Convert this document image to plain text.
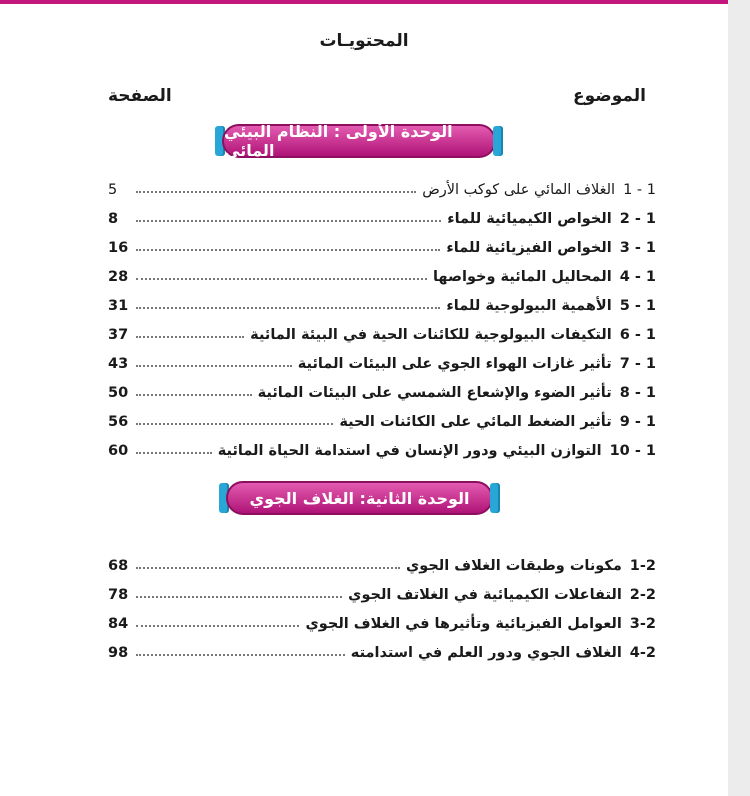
المحتويـات
الموضوع
الصفحة
الوحدة الأولى : النظام البيئي المائي
1 - 1
الغلاف المائي على كوكب الأرض
5
1 - 2
الخواص الكيميائية للماء
8
1 - 3
الخواص الفيزيائية للماء
16
1 - 4
المحاليل المائية وخواصها
28
1 - 5
الأهمية البيولوجية للماء
31
1 - 6
التكيفات البيولوجية للكائنات الحية في البيئة المائية
37
1 - 7
تأثير غازات الهواء الجوي على البيئات المائية
43
1 - 8
تأثير الضوء والإشعاع الشمسي على البيئات المائية
50
1 - 9
تأثير الضغط المائي على الكائنات الحية
56
1 - 10
التوازن البيئي ودور الإنسان في استدامة الحياة المائية
60
الوحدة الثانية: الغلاف الجوي
1-2
مكونات وطبقات الغلاف الجوي
68
2-2
التفاعلات الكيميائية في الغلاتف الجوي
78
3-2
العوامل الفيزيائية وتأثيرها في الغلاف الجوي
84
4-2
الغلاف الجوي ودور العلم في استدامته
98
